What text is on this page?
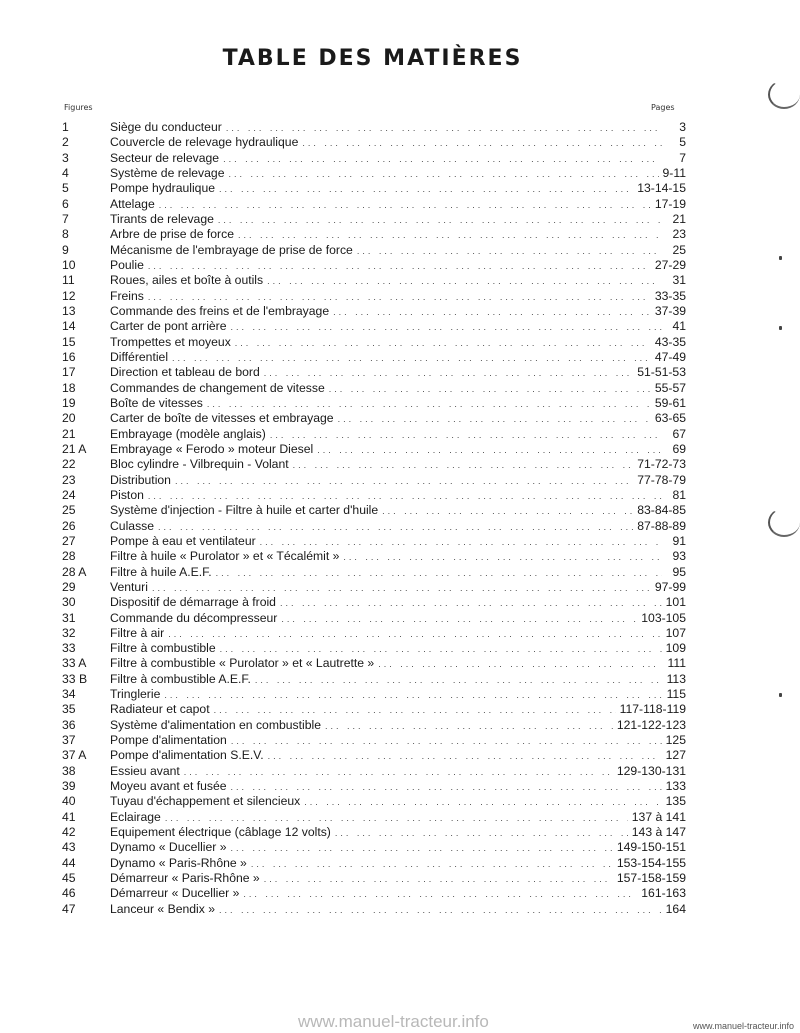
TABLE DES MATIÈRES
Figures	Pages
1	Siège du conducteur ... .	3
2	Couvercle de relevage hydraulique ... .	5
3	Secteur de relevage ... .	7
4	Système de relevage ... .	9-11
5	Pompe hydraulique ... .	13-14-15
6	Attelage ... .	17-19
7	Tirants de relevage ... .	21
8	Arbre de prise de force ... .	23
9	Mécanisme de l'embrayage de prise de force ... .	25
10	Poulie ... .	27-29
11	Roues, ailes et boîte à outils ... .	31
12	Freins ... .	33-35
13	Commande des freins et de l'embrayage ... .	37-39
14	Carter de pont arrière ... .	41
15	Trompettes et moyeux ... .	43-35
16	Différentiel ... .	47-49
17	Direction et tableau de bord ... .	51-51-53
18	Commandes de changement de vitesse ... .	55-57
19	Boîte de vitesses ... .	59-61
20	Carter de boîte de vitesses et embrayage ... .	63-65
21	Embrayage (modèle anglais) ... .	67
21 A	Embrayage « Ferodo » moteur Diesel ... .	69
22	Bloc cylindre - Vilbrequin - Volant ... .	71-72-73
23	Distribution ... .	77-78-79
24	Piston ... .	81
25	Système d'injection - Filtre à huile et carter d'huile ... .	83-84-85
26	Culasse ... .	87-88-89
27	Pompe à eau et ventilateur ... .	91
28	Filtre à huile « Purolator » et « Técalémit » ... .	93
28 A	Filtre à huile A.E.F. ... .	95
29	Venturi ... .	97-99
30	Dispositif de démarrage à froid ... .	101
31	Commande du décompresseur ... .	103-105
32	Filtre à air ... .	107
33	Filtre à combustible ... .	109
33 A	Filtre à combustible « Purolator » et « Lautrette » ... .	111
33 B	Filtre à combustible A.E.F. ... .	113
34	Tringlerie ... .	115
35	Radiateur et capot ... .	117-118-119
36	Système d'alimentation en combustible ... .	121-122-123
37	Pompe d'alimentation ... .	125
37 A	Pompe d'alimentation S.E.V. ... .	127
38	Essieu avant ... .	129-130-131
39	Moyeu avant et fusée ... .	133
40	Tuyau d'échappement et silencieux ... .	135
41	Eclairage ... .	137 à 141
42	Equipement électrique (câblage 12 volts) ... .	143 à 147
43	Dynamo « Ducellier » ... .	149-150-151
44	Dynamo « Paris-Rhône » ... .	153-154-155
45	Démarreur « Paris-Rhône » ... .	157-158-159
46	Démarreur « Ducellier » ... .	161-163
47	Lanceur « Bendix » ... .	164
www.manuel-tracteur.info	www.manuel-tracteur.info
